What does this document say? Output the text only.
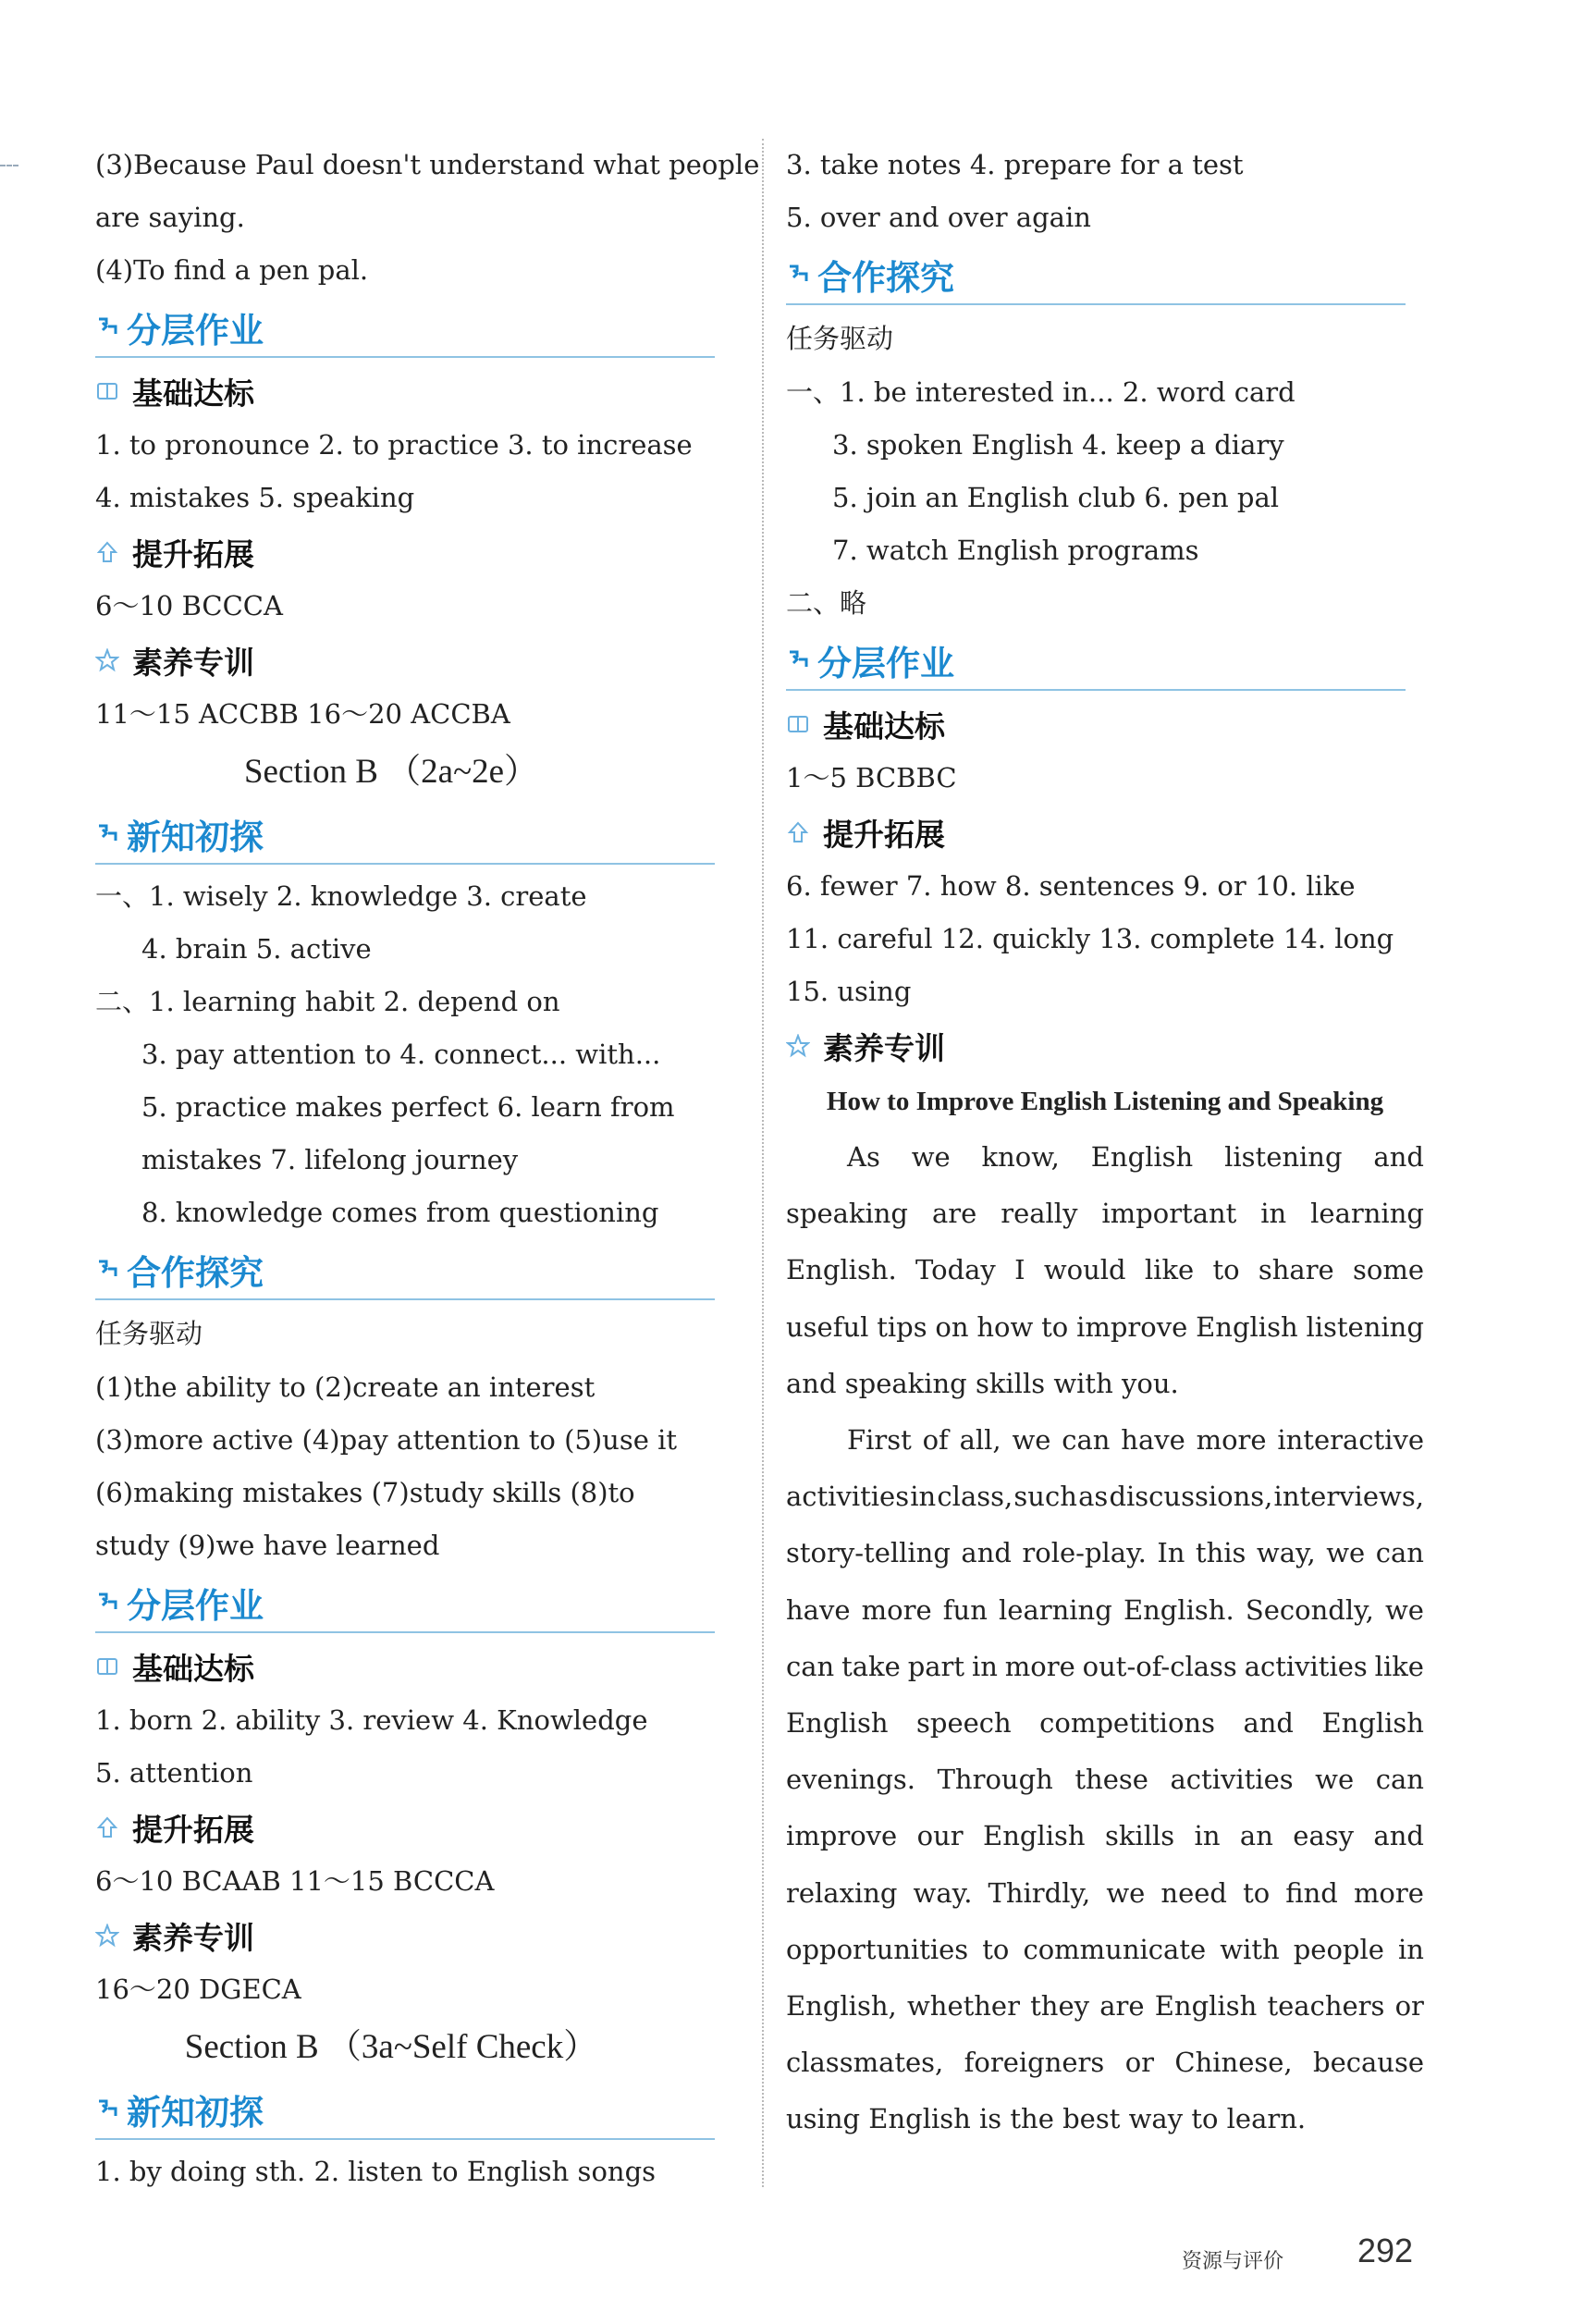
(3)Because Paul doesn't understand what people
are saying.
(4)To find a pen pal.
分层作业
基础达标
1. to pronounce 2. to practice 3. to increase
4. mistakes 5. speaking
提升拓展
6～10 BCCCA
素养专训
11～15 ACCBB 16～20 ACCBA
Section B （2a~2e）
新知初探
一、1. wisely 2. knowledge 3. create
4. brain 5. active
二、1. learning habit 2. depend on
3. pay attention to 4. connect... with...
5. practice makes perfect 6. learn from
mistakes 7. lifelong journey
8. knowledge comes from questioning
合作探究
任务驱动
(1)the ability to (2)create an interest
(3)more active (4)pay attention to (5)use it
(6)making mistakes (7)study skills (8)to
study (9)we have learned
分层作业
基础达标
1. born 2. ability 3. review 4. Knowledge
5. attention
提升拓展
6～10 BCAAB 11～15 BCCCA
素养专训
16～20 DGECA
Section B （3a~Self Check）
新知初探
1. by doing sth. 2. listen to English songs
3. take notes 4. prepare for a test
5. over and over again
合作探究
任务驱动
一、1. be interested in... 2. word card
3. spoken English 4. keep a diary
5. join an English club 6. pen pal
7. watch English programs
二、略
分层作业
基础达标
1～5 BCBBC
提升拓展
6. fewer 7. how 8. sentences 9. or 10. like
11. careful 12. quickly 13. complete 14. long
15. using
素养专训
How to Improve English Listening and Speaking
As we know, English listening and
speaking are really important in learning
English. Today I would like to share some
useful tips on how to improve English listening
and speaking skills with you.
First of all, we can have more interactive
activities in class, such as discussions, interviews,
story-telling and role-play. In this way, we can
have more fun learning English. Secondly, we
can take part in more out-of-class activities like
English speech competitions and English
evenings. Through these activities we can
improve our English skills in an easy and
relaxing way. Thirdly, we need to find more
opportunities to communicate with people in
English, whether they are English teachers or
classmates, foreigners or Chinese, because
using English is the best way to learn.
资源与评价 292
